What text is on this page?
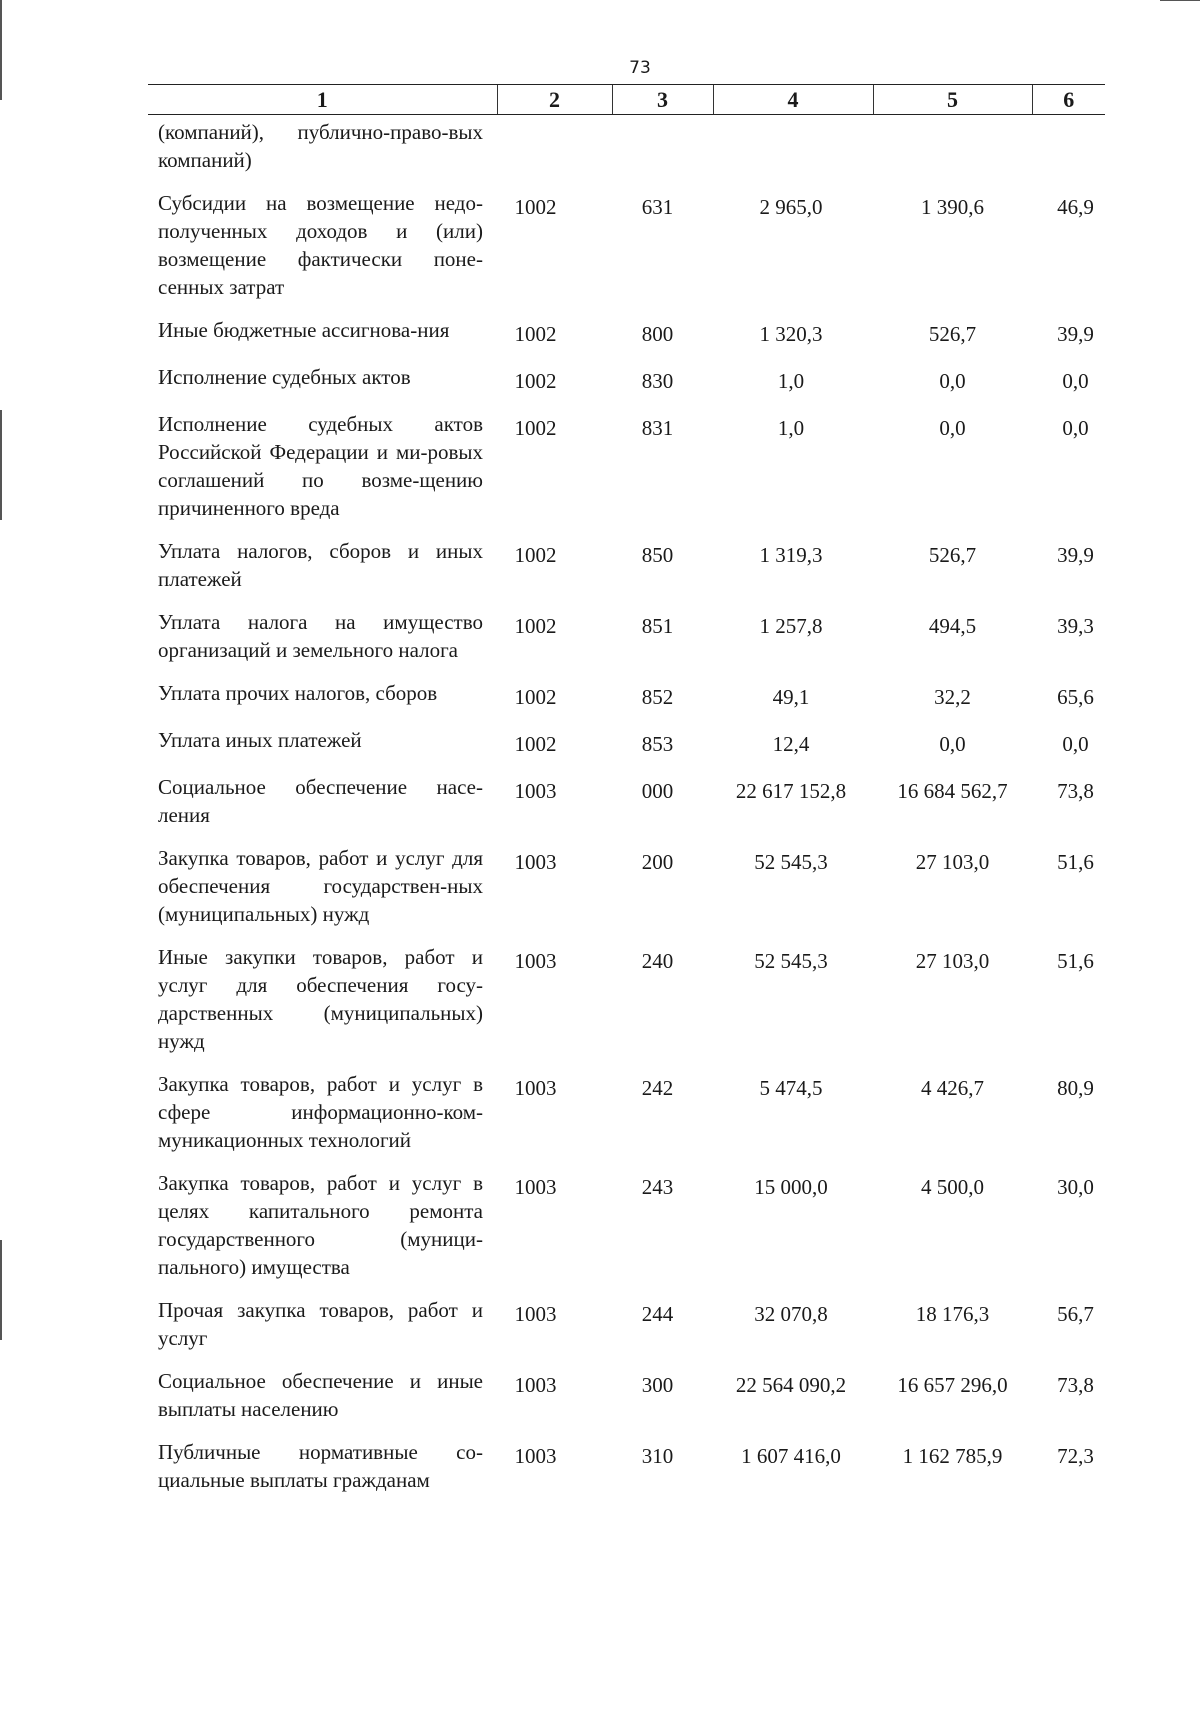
73
1	2	3	4	5	6
(компаний), публично-право-вых компаний)					
Субсидии на возмещение недо-полученных доходов и (или) возмещение фактически поне-сенных затрат	1002	631	2 965,0	1 390,6	46,9
Иные бюджетные ассигнова-ния	1002	800	1 320,3	526,7	39,9
Исполнение судебных актов	1002	830	1,0	0,0	0,0
Исполнение судебных актов Российской Федерации и ми-ровых соглашений по возме-щению причиненного вреда	1002	831	1,0	0,0	0,0
Уплата налогов, сборов и иных платежей	1002	850	1 319,3	526,7	39,9
Уплата налога на имущество организаций и земельного налога	1002	851	1 257,8	494,5	39,3
Уплата прочих налогов, сборов	1002	852	49,1	32,2	65,6
Уплата иных платежей	1002	853	12,4	0,0	0,0
Социальное обеспечение насе-ления	1003	000	22 617 152,8	16 684 562,7	73,8
Закупка товаров, работ и услуг для обеспечения государствен-ных (муниципальных) нужд	1003	200	52 545,3	27 103,0	51,6
Иные закупки товаров, работ и услуг для обеспечения госу-дарственных (муниципальных) нужд	1003	240	52 545,3	27 103,0	51,6
Закупка товаров, работ и услуг в сфере информационно-ком-муникационных технологий	1003	242	5 474,5	4 426,7	80,9
Закупка товаров, работ и услуг в целях капитального ремонта государственного (муници-пального) имущества	1003	243	15 000,0	4 500,0	30,0
Прочая закупка товаров, работ и услуг	1003	244	32 070,8	18 176,3	56,7
Социальное обеспечение и иные выплаты населению	1003	300	22 564 090,2	16 657 296,0	73,8
Публичные нормативные со-циальные выплаты гражданам	1003	310	1 607 416,0	1 162 785,9	72,3
